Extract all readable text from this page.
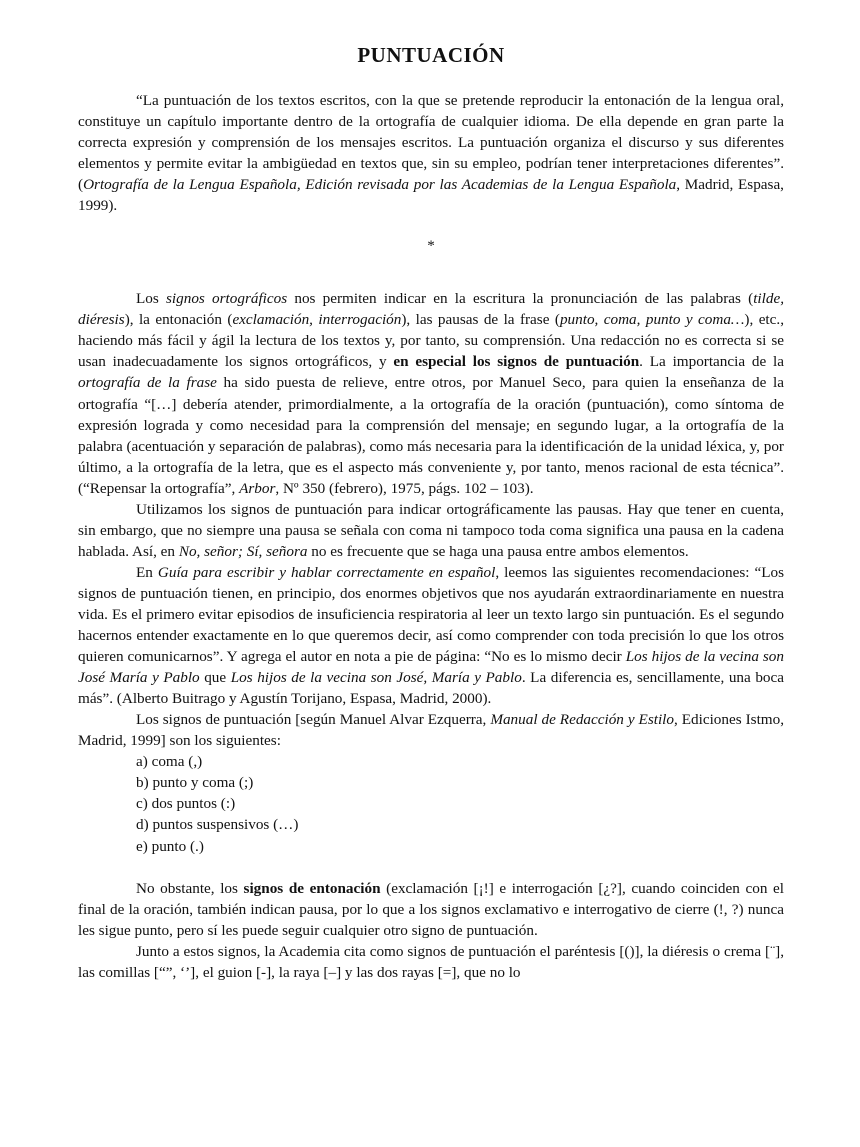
PUNTUACIÓN

“La puntuación de los textos escritos, con la que se pretende reproducir la entonación de la lengua oral, constituye un capítulo importante dentro de la ortografía de cualquier idioma. De ella depende en gran parte la correcta expresión y comprensión de los mensajes escritos. La puntuación organiza el discurso y sus diferentes elementos y permite evitar la ambigüedad en textos que, sin su empleo, podrían tener interpretaciones diferentes”. (Ortografía de la Lengua Española, Edición revisada por las Academias de la Lengua Española, Madrid, Espasa, 1999).

*

Los signos ortográficos nos permiten indicar en la escritura la pronunciación de las palabras (tilde, diéresis), la entonación (exclamación, interrogación), las pausas de la frase (punto, coma, punto y coma…), etc., haciendo más fácil y ágil la lectura de los textos y, por tanto, su comprensión. Una redacción no es correcta si se usan inadecuadamente los signos ortográficos, y en especial los signos de puntuación. La importancia de la ortografía de la frase ha sido puesta de relieve, entre otros, por Manuel Seco, para quien la enseñanza de la ortografía “[…] debería atender, primordialmente, a la ortografía de la oración (puntuación), como síntoma de expresión lograda y como necesidad para la comprensión del mensaje; en segundo lugar, a la ortografía de la palabra (acentuación y separación de palabras), como más necesaria para la identificación de la unidad léxica, y, por último, a la ortografía de la letra, que es el aspecto más conveniente y, por tanto, menos racional de esta técnica”. (“Repensar la ortografía”, Arbor, Nº 350 (febrero), 1975, págs. 102 – 103).

Utilizamos los signos de puntuación para indicar ortográficamente las pausas. Hay que tener en cuenta, sin embargo, que no siempre una pausa se señala con coma ni tampoco toda coma significa una pausa en la cadena hablada. Así, en No, señor; Sí, señora no es frecuente que se haga una pausa entre ambos elementos.

En Guía para escribir y hablar correctamente en español, leemos las siguientes recomendaciones: “Los signos de puntuación tienen, en principio, dos enormes objetivos que nos ayudarán extraordinariamente en nuestra vida. Es el primero evitar episodios de insuficiencia respiratoria al leer un texto largo sin puntuación. Es el segundo hacernos entender exactamente en lo que queremos decir, así como comprender con toda precisión lo que los otros quieren comunicarnos”. Y agrega el autor en nota a pie de página: “No es lo mismo decir Los hijos de la vecina son José María y Pablo que Los hijos de la vecina son José, María y Pablo. La diferencia es, sencillamente, una boca más”. (Alberto Buitrago y Agustín Torijano, Espasa, Madrid, 2000).

Los signos de puntuación [según Manuel Alvar Ezquerra, Manual de Redacción y Estilo, Ediciones Istmo, Madrid, 1999] son los siguientes:

a) coma (,)
b) punto y coma (;)
c) dos puntos (:)
d) puntos suspensivos (…)
e) punto (.)

No obstante, los signos de entonación (exclamación [¡!] e interrogación [¿?], cuando coinciden con el final de la oración, también indican pausa, por lo que a los signos exclamativo e interrogativo de cierre (!, ?) nunca les sigue punto, pero sí les puede seguir cualquier otro signo de puntuación.

Junto a estos signos, la Academia cita como signos de puntuación el paréntesis [()], la diéresis o crema [¨], las comillas [“”, ‘’], el guion [-], la raya [–] y las dos rayas [=], que no lo
